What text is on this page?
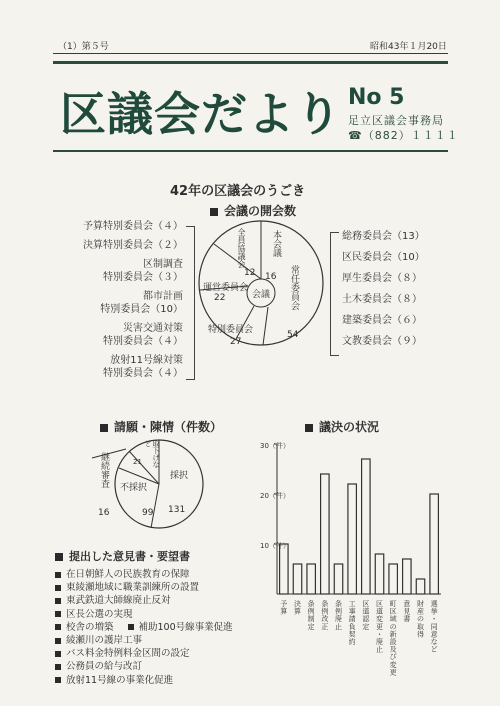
（1）第５号	昭和43年１月20日
区議会だより No 5
足立区議会事務局
☎（882）１１１１
42年の区議会のうごき
会議の開会数
予算特別委員会（４）
決算特別委員会（２）
区制調査
特別委員会（３）
都市計画
特別委員会（10）
災害交通対策
特別委員会（４）
放射11号線対策
特別委員会（４）
会議
本会議
16
全員協議会
12
運営委員会
22
特別委員会
27
常任委員会
54
総務委員会（13）
区民委員会（10）
厚生委員会（８）
土木委員会（８）
建築委員会（６）
文教委員会（９）
請願・陳情（件数）
継続審査
16
取下げなど
21
不採択
99
採択
131
提出した意見書・要望書
在日朝鮮人の民族教育の保障
東綾瀬地域に職業訓練所の設置
東武鉄道大師線廃止反対
区長公選の実現
校舎の増築	補助100号線事業促進
綾瀬川の護岸工事
バス料金特例料金区間の設定
公務員の給与改訂
放射11号線の事業化促進
議決の状況
30（件）
20（件）
10（件）
予
算
決
算
条
例
制
定
条
例
改
正
条
例
廃
止
工
事
請
負
契
約
区
道
認
定
区
道
変
更
・
廃
止
町
区
域
の
新
設
及
び
変
更
意
見
書
財
産
の
取
得
選
挙
・
同
意
な
ど
